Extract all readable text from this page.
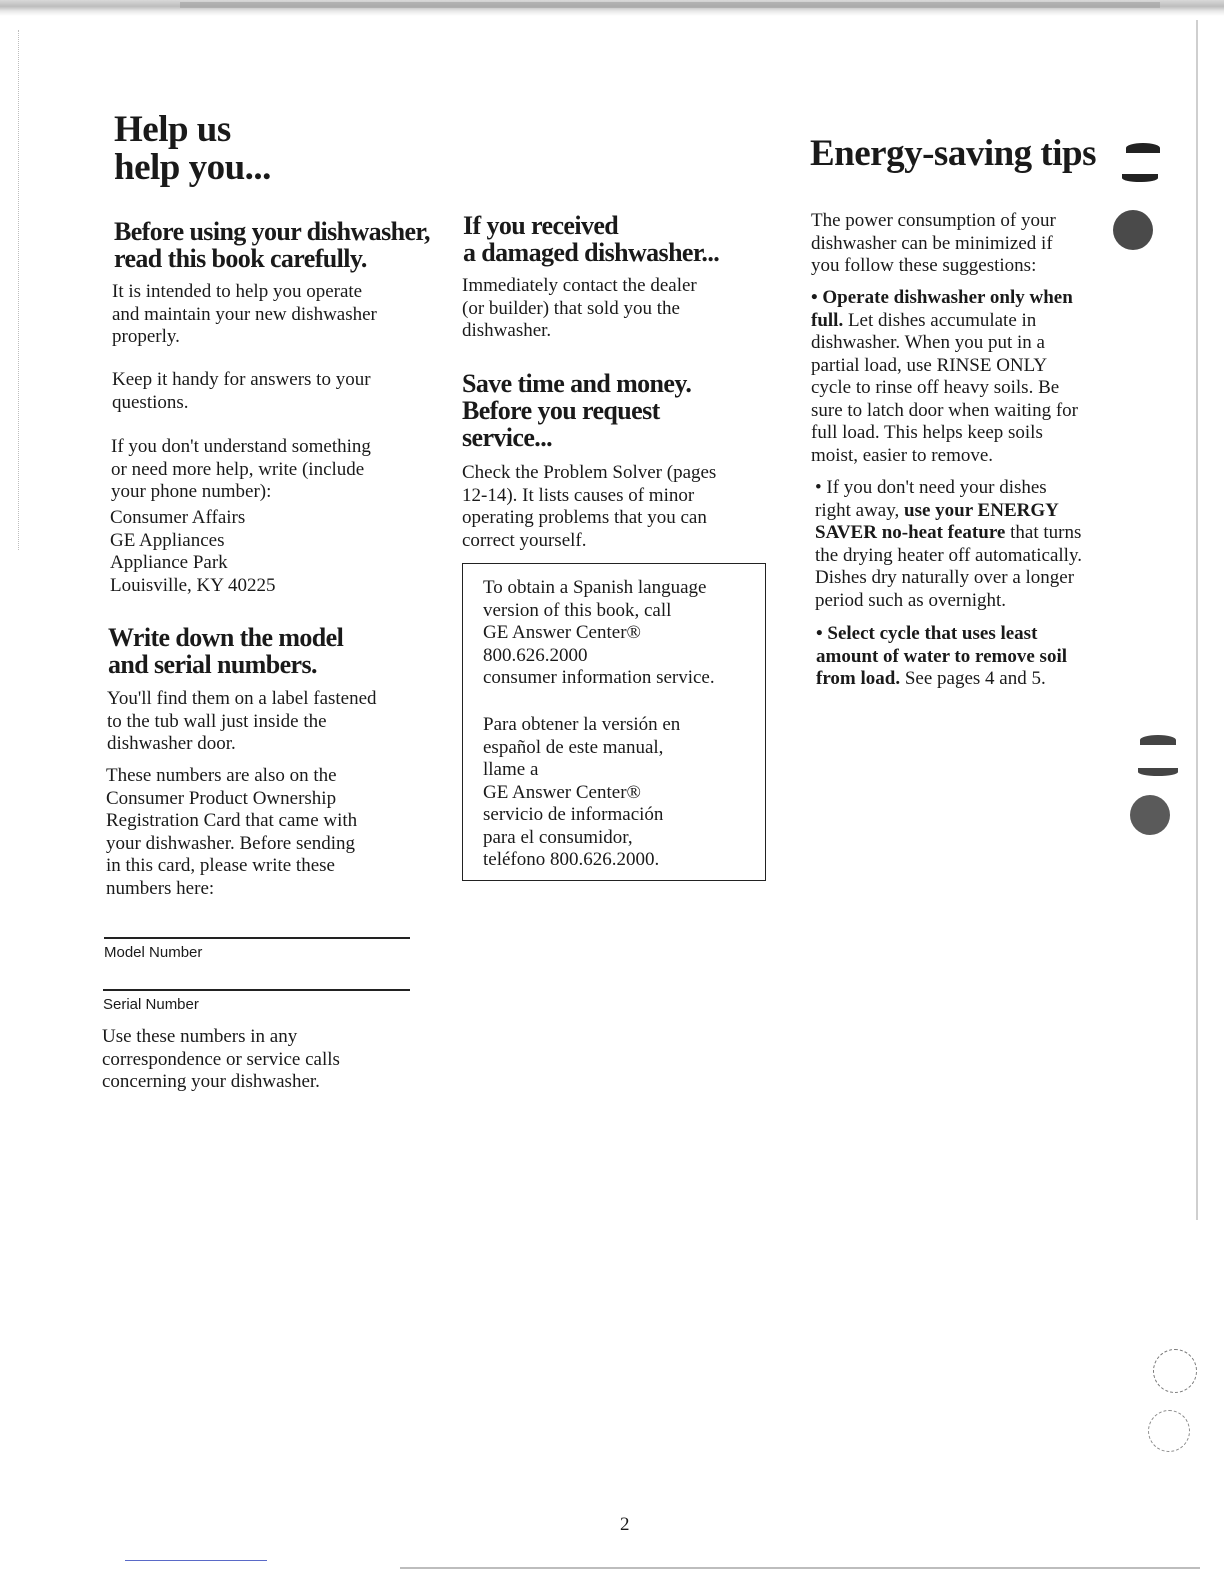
Help us
help you...
Before using your dishwasher,
read this book carefully.
It is intended to help you operate
and maintain your new dishwasher
properly.
Keep it handy for answers to your
questions.
If you don't understand something
or need more help, write (include
your phone number):
Consumer Affairs
GE Appliances
Appliance Park
Louisville, KY 40225
Write down the model
and serial numbers.
You'll find them on a label fastened
to the tub wall just inside the
dishwasher door.
These numbers are also on the
Consumer Product Ownership
Registration Card that came with
your dishwasher. Before sending
in this card, please write these
numbers here:
Model Number
Serial Number
Use these numbers in any
correspondence or service calls
concerning your dishwasher.
If you received
a damaged dishwasher...
Immediately contact the dealer
(or builder) that sold you the
dishwasher.
Save time and money.
Before you request
service...
Check the Problem Solver (pages
12-14). It lists causes of minor
operating problems that you can
correct yourself.
To obtain a Spanish language
version of this book, call
GE Answer Center®
800.626.2000
consumer information service.
Para obtener la versión en
español de este manual,
llame a
GE Answer Center®
servicio de información
para el consumidor,
teléfono 800.626.2000.
Energy-saving tips
The power consumption of your
dishwasher can be minimized if
you follow these suggestions:
• Operate dishwasher only when
full. Let dishes accumulate in
dishwasher. When you put in a
partial load, use RINSE ONLY
cycle to rinse off heavy soils. Be
sure to latch door when waiting for
full load. This helps keep soils
moist, easier to remove.
• If you don't need your dishes
right away, use your ENERGY
SAVER no-heat feature that turns
the drying heater off automatically.
Dishes dry naturally over a longer
period such as overnight.
• Select cycle that uses least
amount of water to remove soil
from load. See pages 4 and 5.
2
